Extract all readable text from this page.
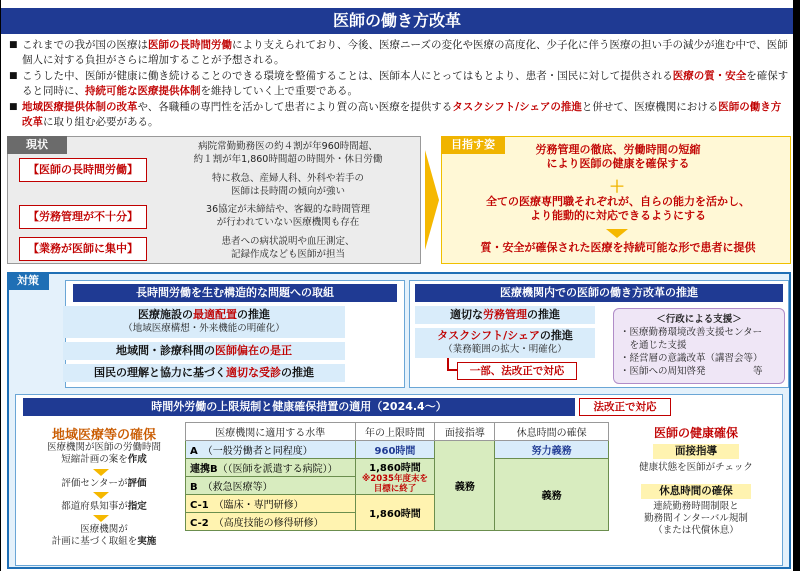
医師の働き方改革
■ これまでの我が国の医療は医師の長時間労働により支えられており、今後、医療ニーズの変化や医療の高度化、少子化に伴う医療の担い手の減少が進む中で、医師個人に対する負担がさらに増加することが予想される。
■ こうした中、医師が健康に働き続けることのできる環境を整備することは、医師本人にとってはもとより、患者・国民に対して提供される医療の質・安全を確保すると同時に、持続可能な医療提供体制を維持していく上で重要である。
■ 地域医療提供体制の改革や、各職種の専門性を活かして患者により質の高い医療を提供するタスクシフト/シェアの推進と併せて、医療機関における医師の働き方改革に取り組む必要がある。
現状
【医師の長時間労働】
病院常勤勤務医の約４割が年960時間超、
約１割が年1,860時間超の時間外・休日労働
特に救急、産婦人科、外科や若手の
医師は長時間の傾向が強い
【労務管理が不十分】
36協定が未締結や、客観的な時間管理
が行われていない医療機関も存在
【業務が医師に集中】
患者への病状説明や血圧測定、
記録作成なども医師が担当
目指す姿	労務管理の徹底、労働時間の短縮
により医師の健康を確保する
＋
全ての医療専門職それぞれが、自らの能力を活かし、
より能動的に対応できるようにする
質・安全が確保された医療を持続可能な形で患者に提供
対策
長時間労働を生む構造的な問題への取組
医療施設の最適配置の推進
（地域医療構想・外来機能の明確化）
地域間・診療科間の医師偏在の是正
国民の理解と協力に基づく適切な受診の推進
医療機関内での医師の働き方改革の推進
適切な労務管理の推進
タスクシフト/シェアの推進
（業務範囲の拡大・明確化）
一部、法改正で対応
＜行政による支援＞
・医療勤務環境改善支援センター
　を通じた支援
・経営層の意識改革（講習会等）
・医師への周知啓発　　　　　等
時間外労働の上限規制と健康確保措置の適用（2024.4～）	法改正で対応
地域医療等の確保
医療機関が医師の労働時間
短縮計画の案を作成
評価センターが評価
都道府県知事が指定
医療機関が
計画に基づく取組を実施
医療機関に適用する水準	年の上限時間	面接指導	休息時間の確保
A　 （一般労働者と同程度）	960時間	義務	努力義務
連携B（（医師を派遣する病院））	1,860時間
※2035年度末を目標に終了		義務
B　 （救急医療等）			
C-1　 （臨床・専門研修）	1,860時間		
C-2　 （高度技能の修得研修）			
医師の健康確保
面接指導
健康状態を医師がチェック
休息時間の確保
連続勤務時間制限と
勤務間インターバル規制
（または代償休息）
